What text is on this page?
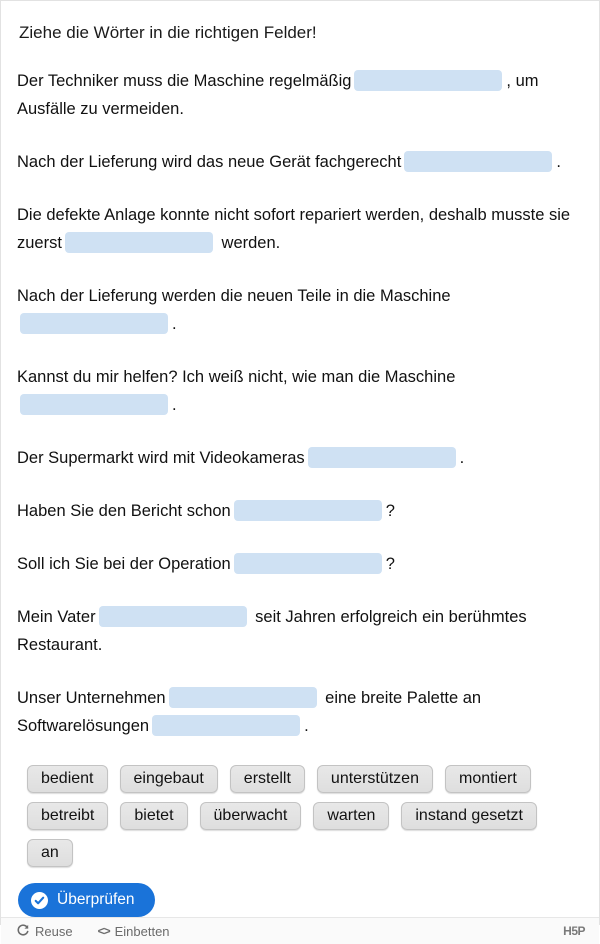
Ziehe die Wörter in die richtigen Felder!

Der Techniker muss die Maschine regelmäßig	, um Ausfälle zu vermeiden.

Nach der Lieferung wird das neue Gerät fachgerecht	.

Die defekte Anlage konnte nicht sofort repariert werden, deshalb musste sie zuerst	werden.

Nach der Lieferung werden die neuen Teile in die Maschine.

Kannst du mir helfen? Ich weiß nicht, wie man die Maschine.

Der Supermarkt wird mit Videokameras	.

Haben Sie den Bericht schon	?

Soll ich Sie bei der Operation	?

Mein Vater	seit Jahren erfolgreich ein berühmtes Restaurant.

Unser Unternehmen	eine breite Palette an Softwarelösungen	.

bedient	eingebaut	erstellt	unterstützen	montiert
betreibt	bietet	überwacht	warten	instand gesetzt
an
Überprüfen
Reuse <> Einbetten	H5P
